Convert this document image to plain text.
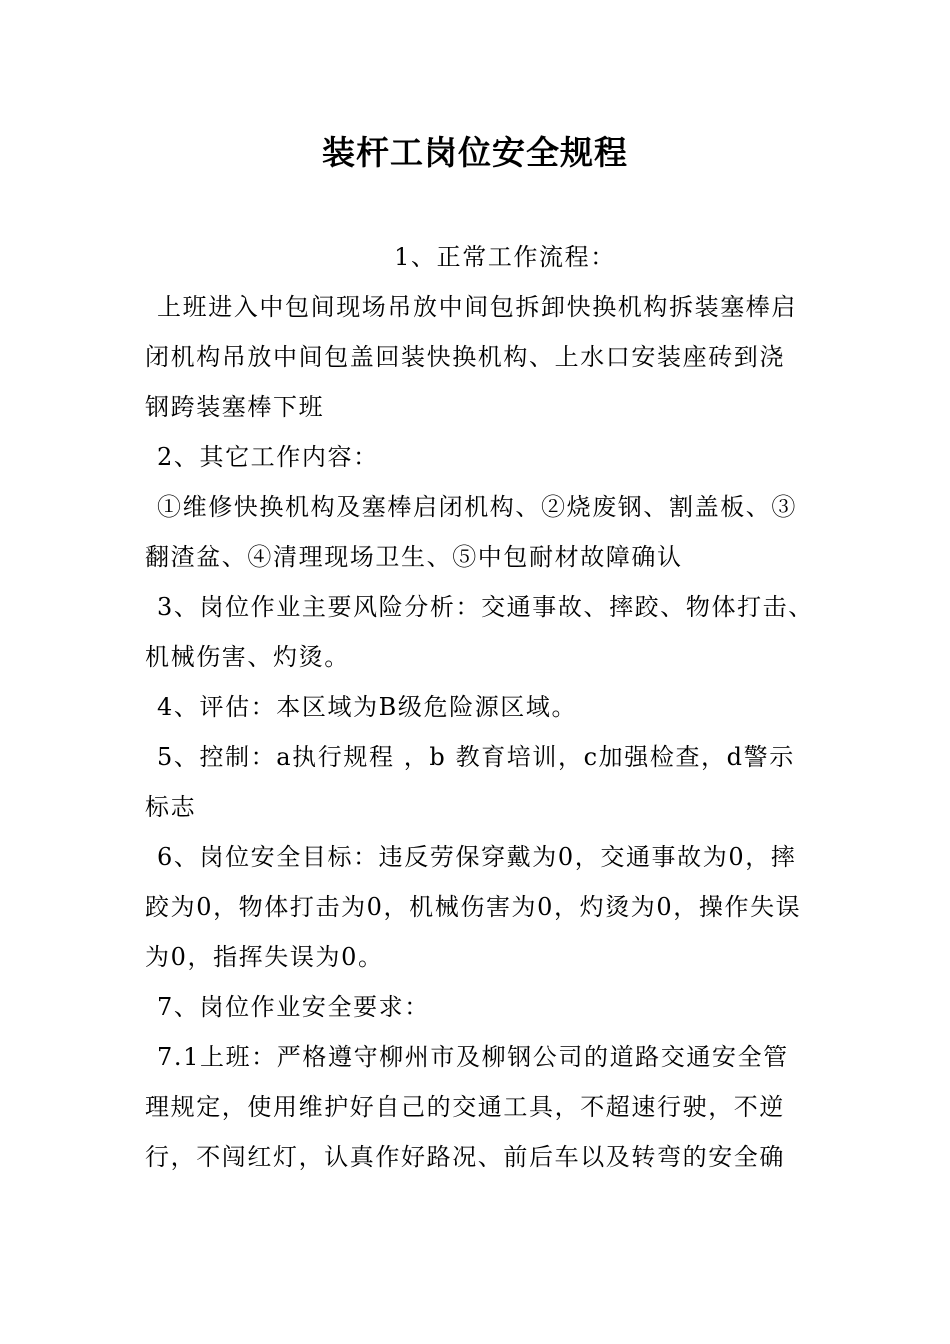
装杆工岗位安全规程
1、正常工作流程：
上班进入中包间现场吊放中间包拆卸快换机构拆装塞棒启
闭机构吊放中间包盖回装快换机构、上水口安装座砖到浇
钢跨装塞棒下班
2、其它工作内容：
①维修快换机构及塞棒启闭机构、②烧废钢、割盖板、③
翻渣盆、④清理现场卫生、⑤中包耐材故障确认
3、岗位作业主要风险分析：交通事故、摔跤、物体打击、
机械伤害、灼烫。
4、评估：本区域为B级危险源区域。
5、控制：a执行规程 ，b 教育培训，c加强检查，d警示
标志
6、岗位安全目标：违反劳保穿戴为0，交通事故为0，摔
跤为0，物体打击为0，机械伤害为0，灼烫为0，操作失误
为0，指挥失误为0。
7、岗位作业安全要求：
7.1上班：严格遵守柳州市及柳钢公司的道路交通安全管
理规定，使用维护好自己的交通工具，不超速行驶，不逆
行，不闯红灯，认真作好路况、前后车以及转弯的安全确
